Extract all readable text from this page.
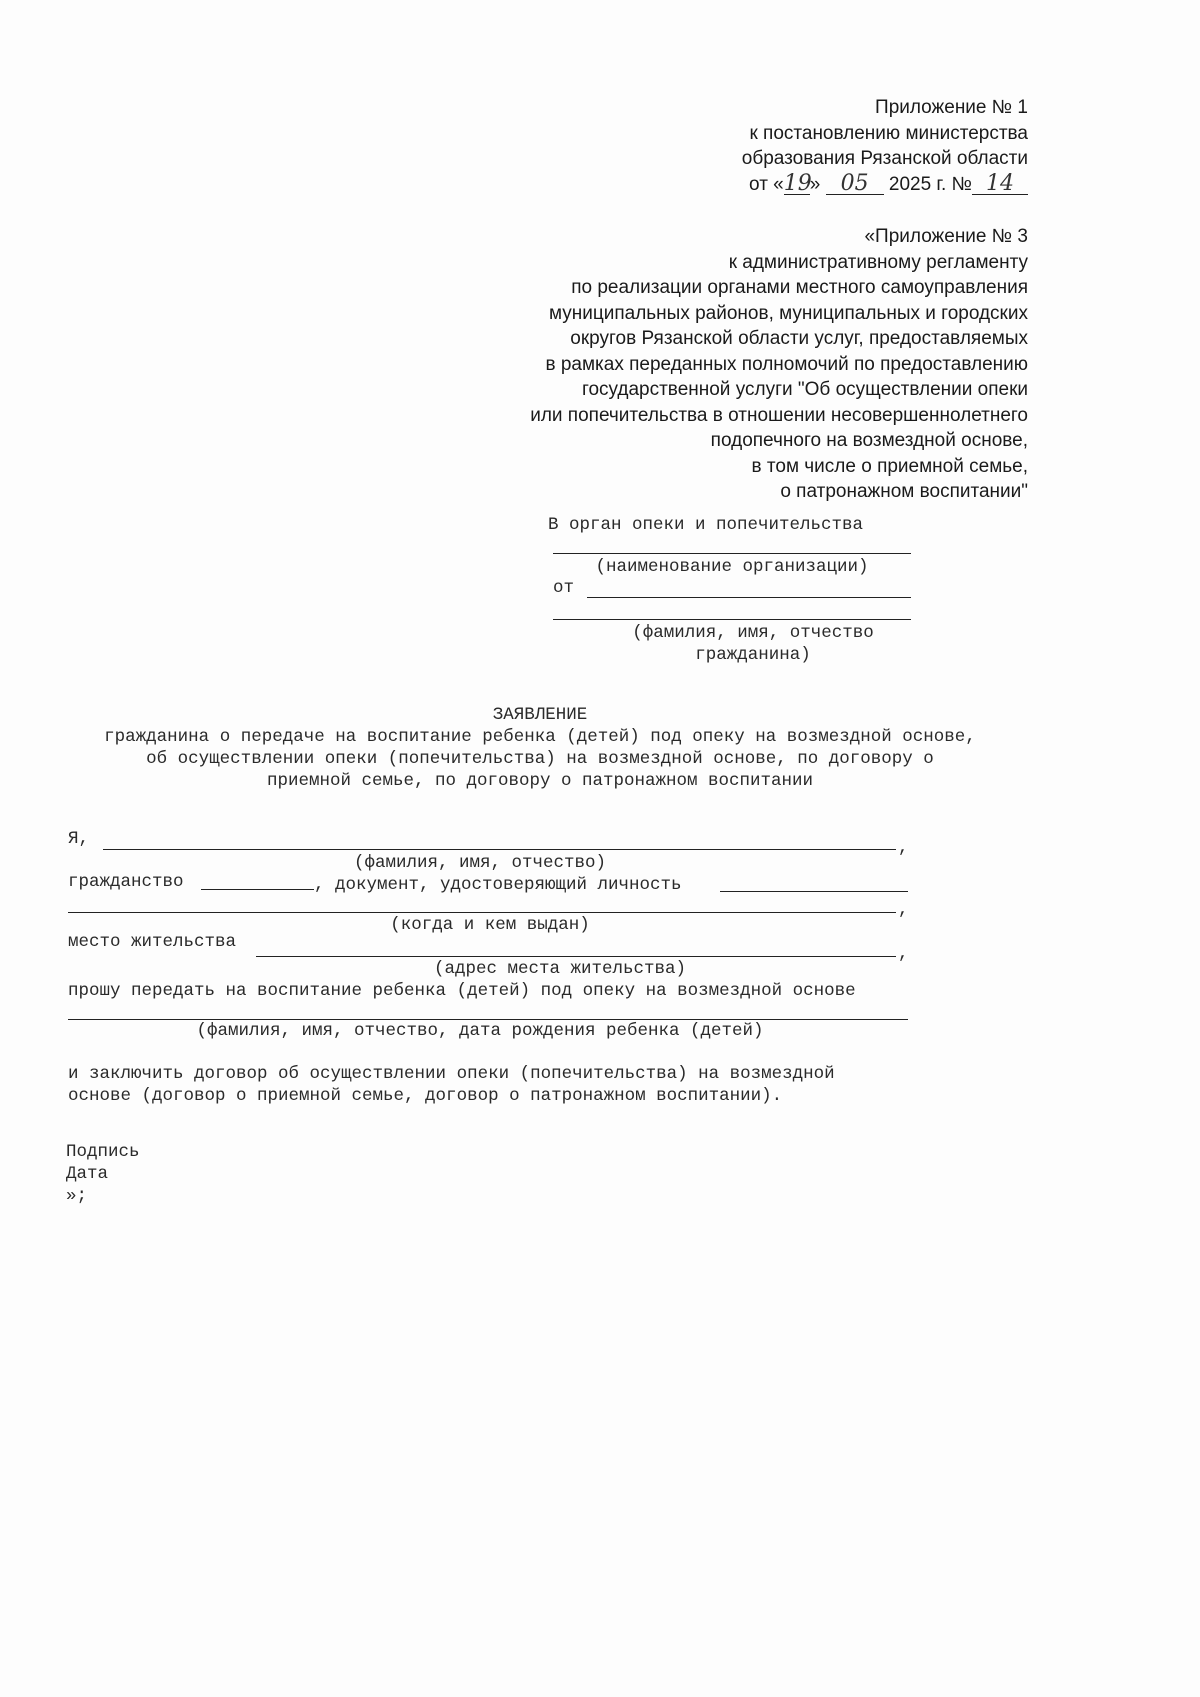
Приложение № 1
к постановлению министерства
образования Рязанской области
от «19» 05 2025 г. № 14
«Приложение № 3
к административному регламенту
по реализации органами местного самоуправления
муниципальных районов, муниципальных и городских
округов Рязанской области услуг, предоставляемых
в рамках переданных полномочий по предоставлению
государственной услуги "Об осуществлении опеки
или попечительства в отношении несовершеннолетнего
подопечного на возмездной основе,
в том числе о приемной семье,
о патронажном воспитании"
В орган опеки и попечительства
(наименование организации)
от
(фамилия, имя, отчество
гражданина)
ЗАЯВЛЕНИЕ
гражданина о передаче на воспитание ребенка (детей) под опеку на возмездной основе,
об осуществлении опеки (попечительства) на возмездной основе, по договору о
приемной семье, по договору о патронажном воспитании
Я,	,
(фамилия, имя, отчество)
гражданство	, документ, удостоверяющий личность
,
(когда и кем выдан)
место жительства
,
(адрес места жительства)
прошу передать на воспитание ребенка (детей) под опеку на возмездной основе
(фамилия, имя, отчество, дата рождения ребенка (детей)
и заключить договор об осуществлении опеки (попечительства) на возмездной
основе (договор о приемной семье, договор о патронажном воспитании).
Подпись
Дата
»;
